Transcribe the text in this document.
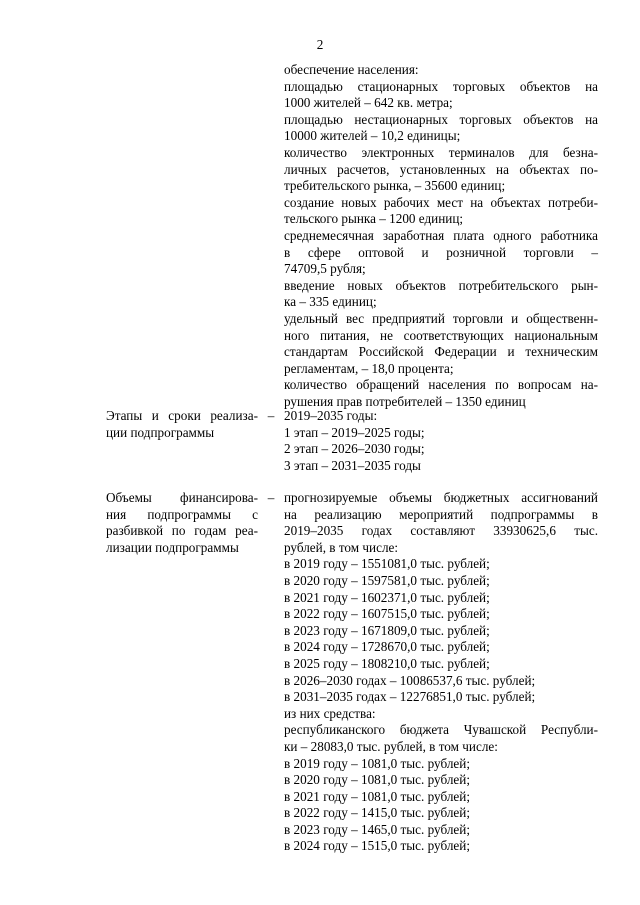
2
обеспечение населения:
площадью стационарных торговых объектов на
1000 жителей – 642 кв. метра;
площадью нестационарных торговых объектов на
10000 жителей – 10,2 единицы;
количество электронных терминалов для безна-
личных расчетов, установленных на объектах по-
требительского рынка, – 35600 единиц;
создание новых рабочих мест на объектах потреби-
тельского рынка – 1200 единиц;
среднемесячная заработная плата одного работника
в сфере оптовой и розничной торговли –
74709,5 рубля;
введение новых объектов потребительского рын-
ка – 335 единиц;
удельный вес предприятий торговли и общественн-
ного питания, не соответствующих национальным
стандартам Российской Федерации и техническим
регламентам, – 18,0 процента;
количество обращений населения по вопросам на-
рушения прав потребителей – 1350 единиц
Этапы и сроки реализа-
ции подпрограммы
– 2019–2035 годы:
1 этап – 2019–2025 годы;
2 этап – 2026–2030 годы;
3 этап – 2031–2035 годы
Объемы финансирова-
ния подпрограммы с
разбивкой по годам реа-
лизации подпрограммы
– прогнозируемые объемы бюджетных ассигнований
на реализацию мероприятий подпрограммы в
2019–2035 годах составляют 33930625,6 тыс.
рублей, в том числе:
в 2019 году – 1551081,0 тыс. рублей;
в 2020 году – 1597581,0 тыс. рублей;
в 2021 году – 1602371,0 тыс. рублей;
в 2022 году – 1607515,0 тыс. рублей;
в 2023 году – 1671809,0 тыс. рублей;
в 2024 году – 1728670,0 тыс. рублей;
в 2025 году – 1808210,0 тыс. рублей;
в 2026–2030 годах – 10086537,6 тыс. рублей;
в 2031–2035 годах – 12276851,0 тыс. рублей;
из них средства:
республиканского бюджета Чувашской Республи-
ки – 28083,0 тыс. рублей, в том числе:
в 2019 году – 1081,0 тыс. рублей;
в 2020 году – 1081,0 тыс. рублей;
в 2021 году – 1081,0 тыс. рублей;
в 2022 году – 1415,0 тыс. рублей;
в 2023 году – 1465,0 тыс. рублей;
в 2024 году – 1515,0 тыс. рублей;
